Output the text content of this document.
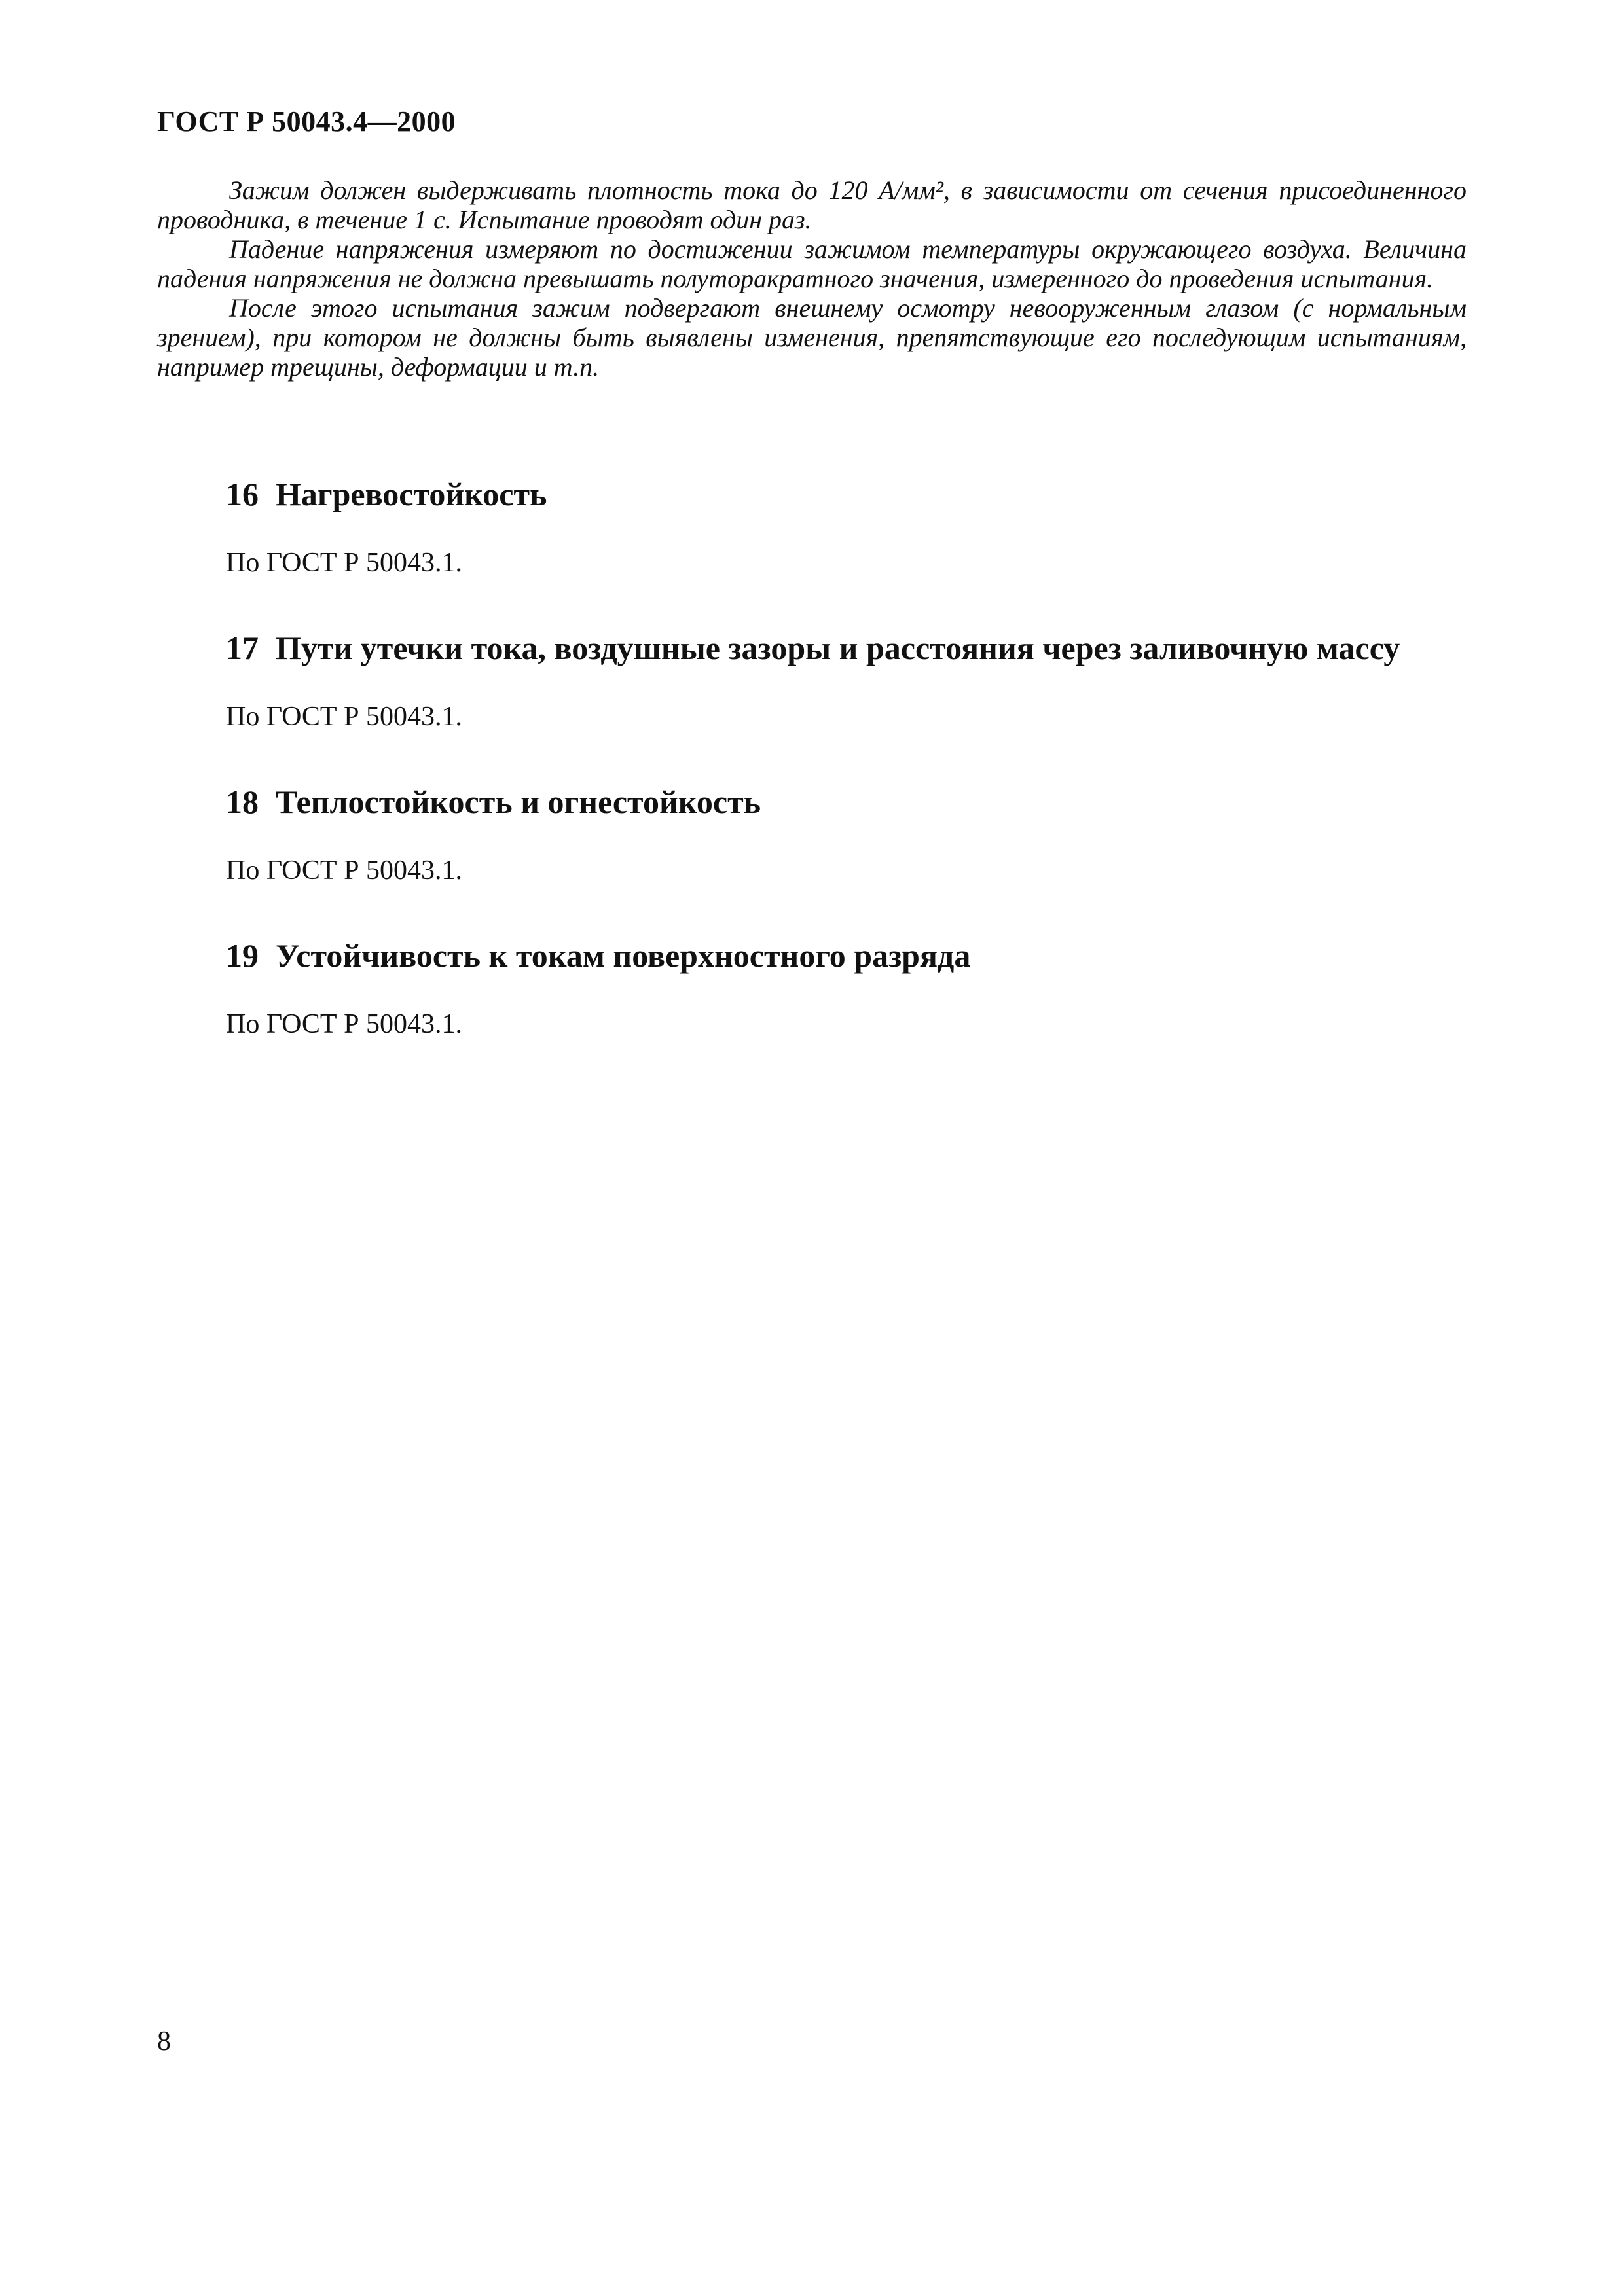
ГОСТ Р 50043.4—2000

Зажим должен выдерживать плотность тока до 120 А/мм², в зависимости от сечения присоединенного проводника, в течение 1 с. Испытание проводят один раз.

Падение напряжения измеряют по достижении зажимом температуры окружающего воздуха. Величина падения напряжения не должна превышать полуторакратного значения, измеренного до проведения испытания.

После этого испытания зажим подвергают внешнему осмотру невооруженным глазом (с нормальным зрением), при котором не должны быть выявлены изменения, препятствующие его последующим испытаниям, например трещины, деформации и т.п.

16 Нагревостойкость

По ГОСТ Р 50043.1.

17 Пути утечки тока, воздушные зазоры и расстояния через заливочную массу

По ГОСТ Р 50043.1.

18 Теплостойкость и огнестойкость

По ГОСТ Р 50043.1.

19 Устойчивость к токам поверхностного разряда

По ГОСТ Р 50043.1.

8
